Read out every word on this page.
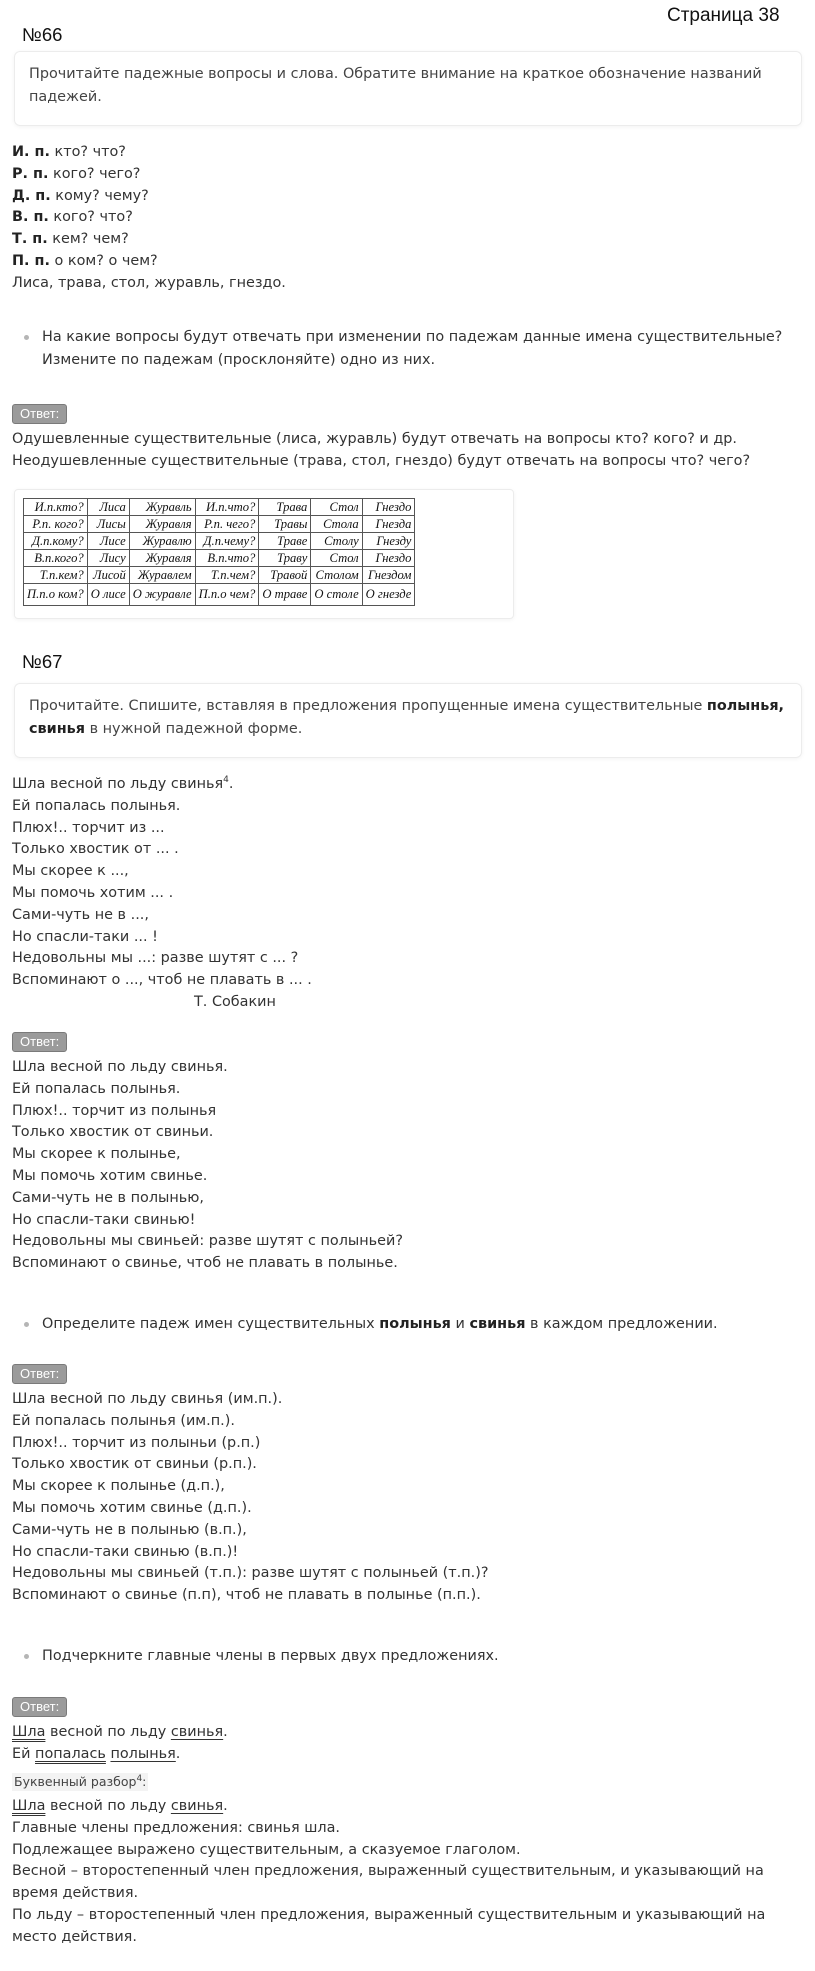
Страница 38
№66
Прочитайте падежные вопросы и слова. Обратите внимание на краткое обозначение названий падежей.
И. п. кто? что?
Р. п. кого? чего?
Д. п. кому? чему?
В. п. кого? что?
Т. п. кем? чем?
П. п. о ком? о чем?
Лиса, трава, стол, журавль, гнездо.
На какие вопросы будут отвечать при изменении по падежам данные имена существительные? Измените по падежам (просклоняйте) одно из них.
Ответ:
Одушевленные существительные (лиса, журавль) будут отвечать на вопросы кто? кого? и др.
Неодушевленные существительные (трава, стол, гнездо) будут отвечать на вопросы что? чего?
И.п.кто?	Лиса	Журавль	И.п.что?	Трава	Стол	Гнездо
Р.п. кого?	Лисы	Журавля	Р.п. чего?	Травы	Стола	Гнезда
Д.п.кому?	Лисе	Журавлю	Д.п.чему?	Траве	Столу	Гнезду
В.п.кого?	Лису	Журавля	В.п.что?	Траву	Стол	Гнездо
Т.п.кем?	Лисой	Журавлем	Т.п.чем?	Травой	Столом	Гнездом
П.п.о ком?	О лисе	О журавле	П.п.о чем?	О траве	О столе	О гнезде
№67
Прочитайте. Спишите, вставляя в предложения пропущенные имена существительные полынья, свинья в нужной падежной форме.
Шла весной по льду свинья$^4$.
Ей попалась полынья.
Плюх!.. торчит из ...
Только хвостик от ... .
Мы скорее к ...,
Мы помочь хотим ... .
Сами-чуть не в ...,
Но спасли-таки ... !
Недовольны мы ...: разве шутят с ... ?
Вспоминают о ..., чтоб не плавать в ... .
Т. Собакин
Ответ:
Шла весной по льду свинья.
Ей попалась полынья.
Плюх!.. торчит из полынья
Только хвостик от свиньи.
Мы скорее к полынье,
Мы помочь хотим свинье.
Сами-чуть не в полынью,
Но спасли-таки свинью!
Недовольны мы свиньей: разве шутят с полыньей?
Вспоминают о свинье, чтоб не плавать в полынье.
Определите падеж имен существительных полынья и свинья в каждом предложении.
Ответ:
Шла весной по льду свинья (им.п.).
Ей попалась полынья (им.п.).
Плюх!.. торчит из полыньи (р.п.)
Только хвостик от свиньи (р.п.).
Мы скорее к полынье (д.п.),
Мы помочь хотим свинье (д.п.).
Сами-чуть не в полынью (в.п.),
Но спасли-таки свинью (в.п.)!
Недовольны мы свиньей (т.п.): разве шутят с полыньей (т.п.)?
Вспоминают о свинье (п.п), чтоб не плавать в полынье (п.п.).
Подчеркните главные члены в первых двух предложениях.
Ответ:
Шла весной по льду свинья.
Ей попалась полынья.
Буквенный разбор$^4$:
Шла весной по льду свинья.
Главные члены предложения: свинья шла.
Подлежащее выражено существительным, а сказуемое глаголом.
Весной – второстепенный член предложения, выраженный существительным, и указывающий на время действия.
По льду – второстепенный член предложения, выраженный существительным и указывающий на место действия.
